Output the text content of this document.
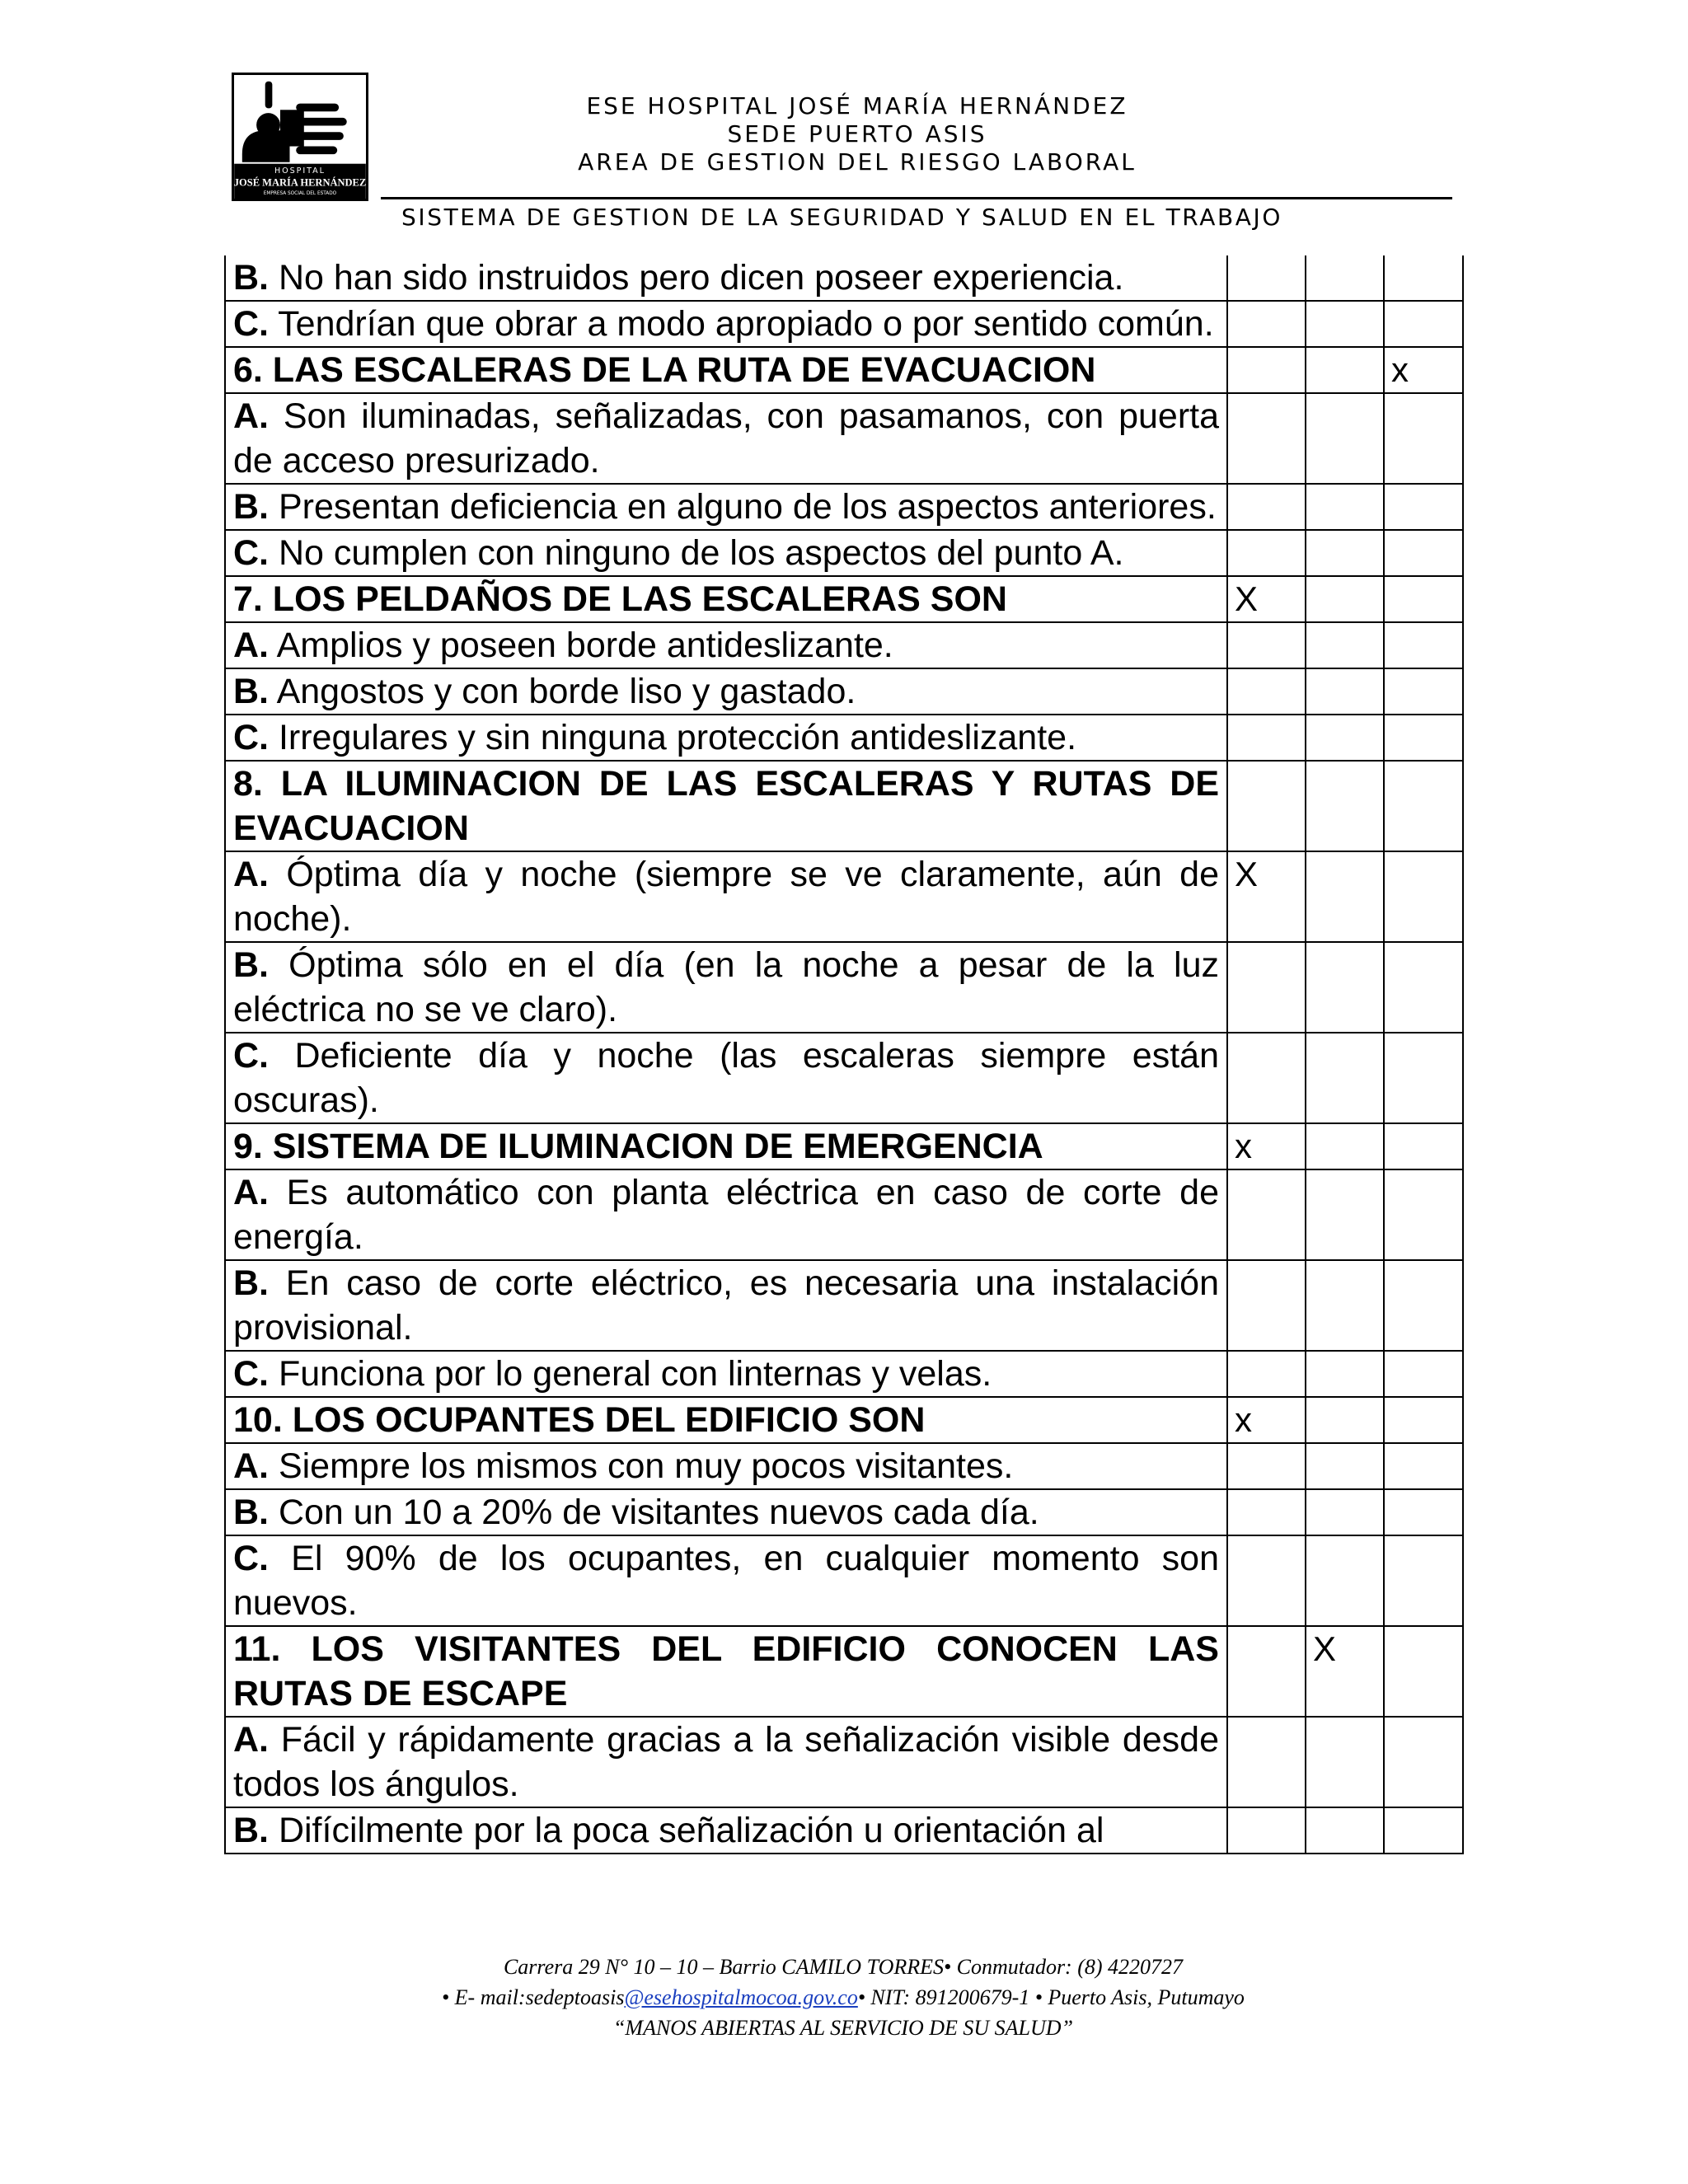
HOSPITAL
JOSÉ MARÍA HERNÁNDEZ
EMPRESA SOCIAL DEL ESTADO
ESE HOSPITAL JOSÉ MARÍA HERNÁNDEZ
SEDE PUERTO ASIS
AREA DE GESTION DEL RIESGO LABORAL
SISTEMA DE GESTION DE LA SEGURIDAD Y SALUD EN EL TRABAJO
B. No han sido instruidos pero dicen poseer experiencia.			
C. Tendrían que obrar a modo apropiado o por sentido común.			
6. LAS ESCALERAS DE LA RUTA DE EVACUACION			x
A. Son iluminadas, señalizadas, con pasamanos, con puerta de acceso presurizado.			
B. Presentan deficiencia en alguno de los aspectos anteriores.			
C. No cumplen con ninguno de los aspectos del punto A.			
7. LOS PELDAÑOS DE LAS ESCALERAS SON	X		
A. Amplios y poseen borde antideslizante.			
B. Angostos y con borde liso y gastado.			
C. Irregulares y sin ninguna protección antideslizante.			
8. LA ILUMINACION DE LAS ESCALERAS Y RUTAS DE EVACUACION			
A. Óptima día y noche (siempre se ve claramente, aún de noche).	X		
B. Óptima sólo en el día (en la noche a pesar de la luz eléctrica no se ve claro).			
C. Deficiente día y noche (las escaleras siempre están oscuras).			
9. SISTEMA DE ILUMINACION DE EMERGENCIA	x		
A. Es automático con planta eléctrica en caso de corte de energía.			
B. En caso de corte eléctrico, es necesaria una instalación provisional.			
C. Funciona por lo general con linternas y velas.			
10. LOS OCUPANTES DEL EDIFICIO SON	x		
A. Siempre los mismos con muy pocos visitantes.			
B. Con un 10 a 20% de visitantes nuevos cada día.			
C. El 90% de los ocupantes, en cualquier momento son nuevos.			
11. LOS VISITANTES DEL EDIFICIO CONOCEN LAS RUTAS DE ESCAPE		X	
A. Fácil y rápidamente gracias a la señalización visible desde todos los ángulos.			
B. Difícilmente por la poca señalización u orientación al			
Carrera 29 N° 10 – 10 – Barrio CAMILO TORRES• Conmutador: (8) 4220727
• E- mail:sedeptoasis@esehospitalmocoa.gov.co• NIT: 891200679-1 • Puerto Asis, Putumayo
“MANOS ABIERTAS AL SERVICIO DE SU SALUD”
